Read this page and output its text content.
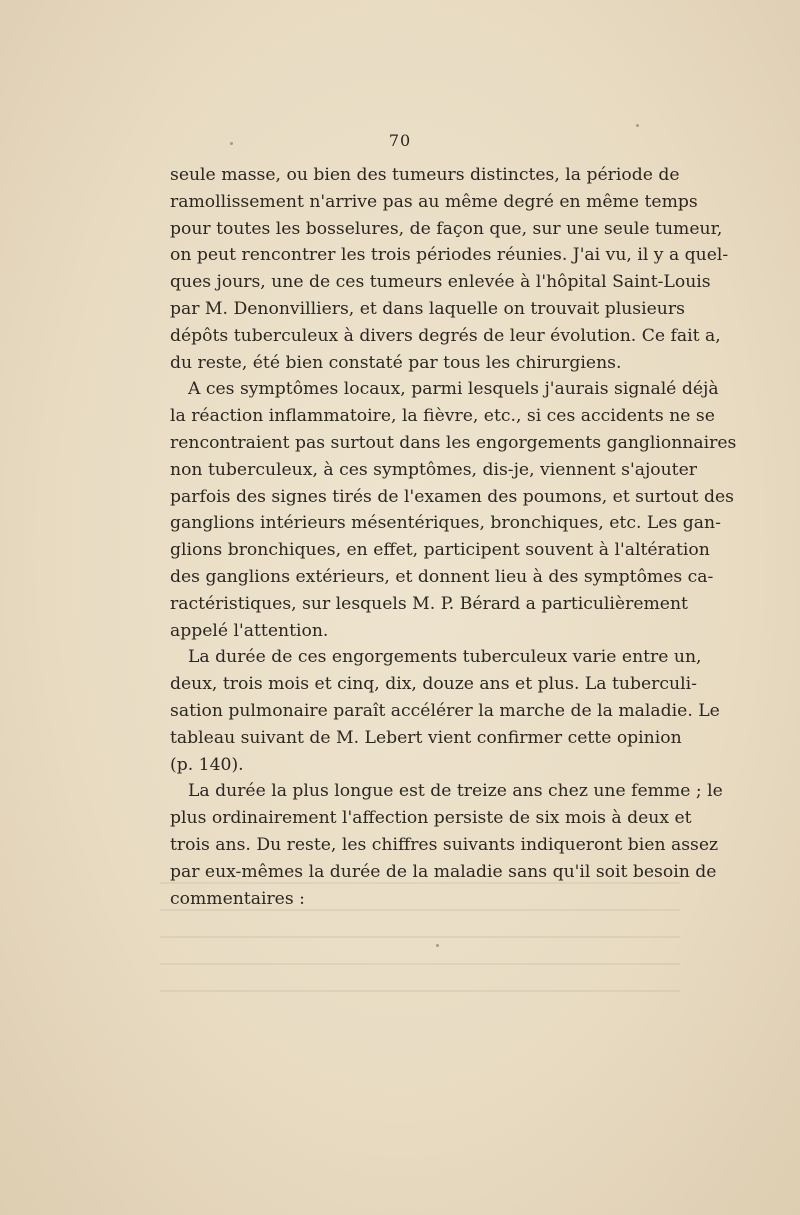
70
seule masse, ou bien des tumeurs distinctes, la période de
ramollissement n'arrive pas au même degré en même temps
pour toutes les bosselures, de façon que, sur une seule tumeur,
on peut rencontrer les trois périodes réunies. J'ai vu, il y a quel-
ques jours, une de ces tumeurs enlevée à l'hôpital Saint-Louis
par M. Denonvilliers, et dans laquelle on trouvait plusieurs
dépôts tuberculeux à divers degrés de leur évolution. Ce fait a,
du reste, été bien constaté par tous les chirurgiens.
A ces symptômes locaux, parmi lesquels j'aurais signalé déjà
la réaction inflammatoire, la fièvre, etc., si ces accidents ne se
rencontraient pas surtout dans les engorgements ganglionnaires
non tuberculeux, à ces symptômes, dis-je, viennent s'ajouter
parfois des signes tirés de l'examen des poumons, et surtout des
ganglions intérieurs mésentériques, bronchiques, etc. Les gan-
glions bronchiques, en effet, participent souvent à l'altération
des ganglions extérieurs, et donnent lieu à des symptômes ca-
ractéristiques, sur lesquels M. P. Bérard a particulièrement
appelé l'attention.
La durée de ces engorgements tuberculeux varie entre un,
deux, trois mois et cinq, dix, douze ans et plus. La tuberculi-
sation pulmonaire paraît accélérer la marche de la maladie. Le
tableau suivant de M. Lebert vient confirmer cette opinion
(p. 140).
La durée la plus longue est de treize ans chez une femme ; le
plus ordinairement l'affection persiste de six mois à deux et
trois ans. Du reste, les chiffres suivants indiqueront bien assez
par eux-mêmes la durée de la maladie sans qu'il soit besoin de
commentaires :
